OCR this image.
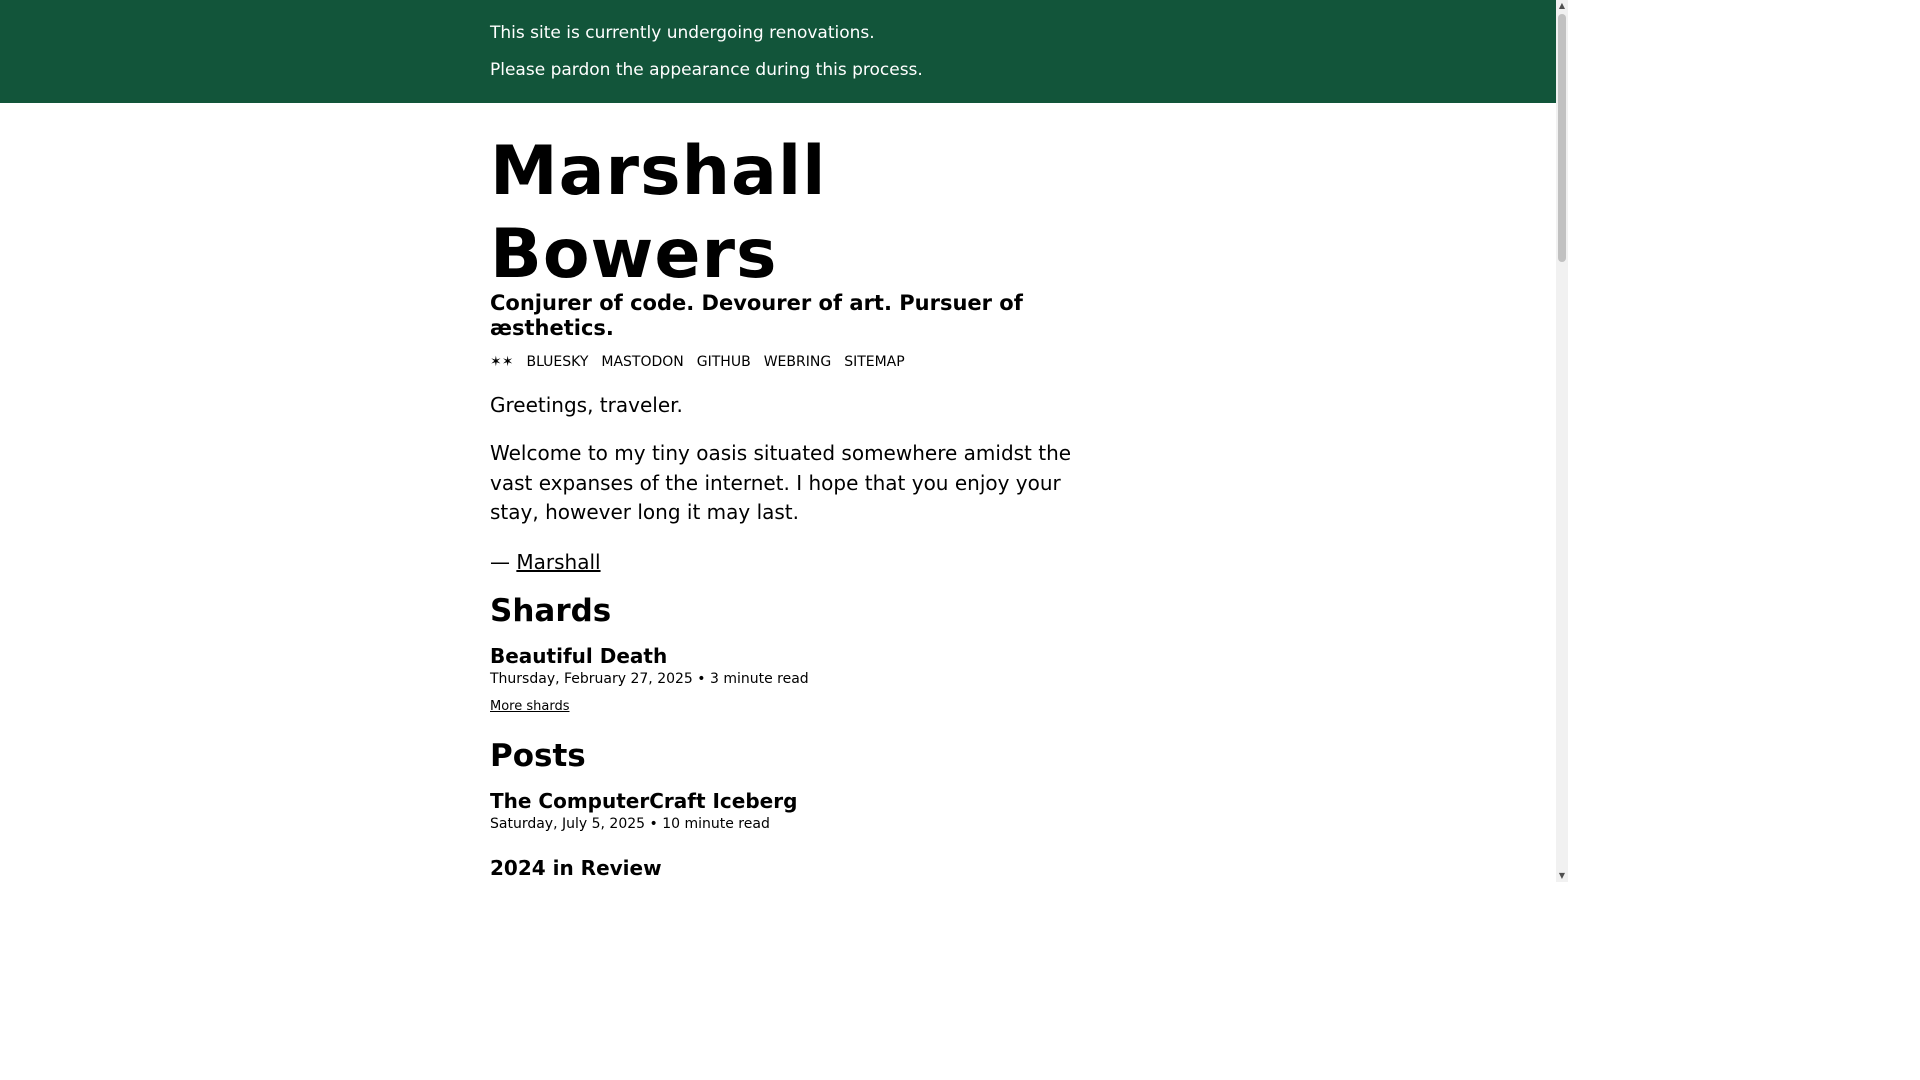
This site is currently undergoing renovations.

Please pardon the appearance during this process.

Marshall
Bowers

Conjurer of code. Devourer of art. Pursuer of æsthetics.

✶✶ BLUESKY MASTODON GITHUB WEBRING SITEMAP

Greetings, traveler.

Welcome to my tiny oasis situated somewhere amidst the vast expanses of the internet. I hope that you enjoy your stay, however long it may last.

— Marshall

Shards
Beautiful Death

Thursday, February 27, 2025 • 3 minute read

More shards

Posts
The ComputerCraft Iceberg

Saturday, July 5, 2025 • 10 minute read

2024 in Review
▲
▼
